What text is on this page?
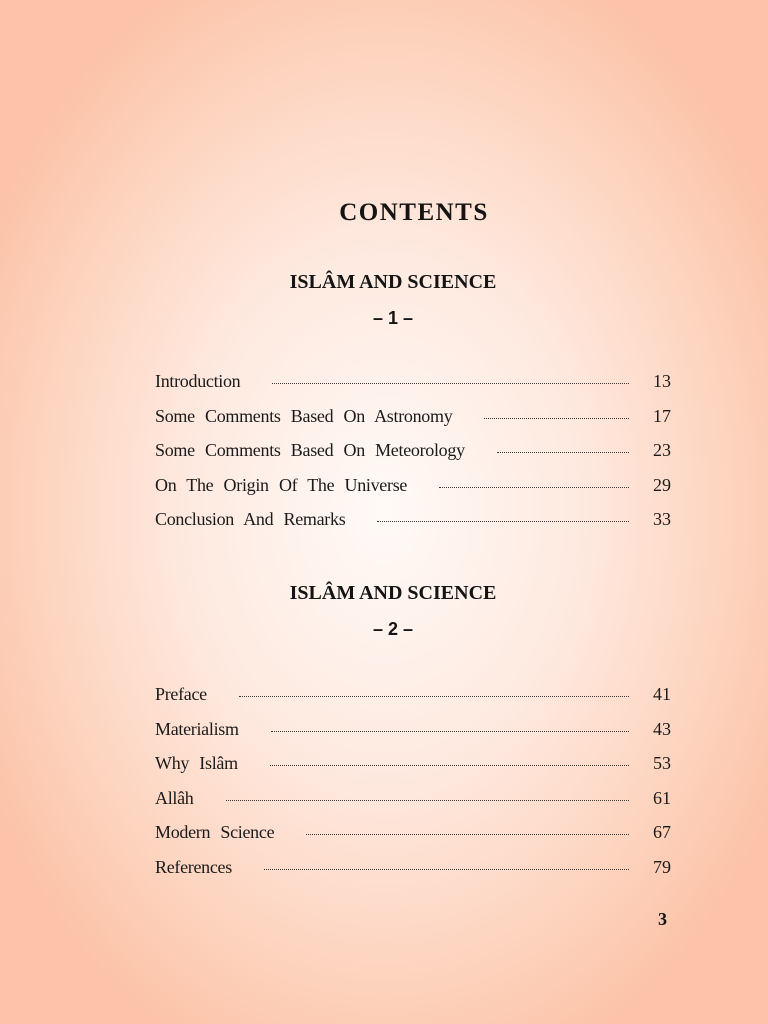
CONTENTS
ISLÂM AND SCIENCE
– 1 –
Introduction	13
Some Comments Based On Astronomy	17
Some Comments Based On Meteorology	23
On The Origin Of The Universe	29
Conclusion And Remarks	33
ISLÂM AND SCIENCE
– 2 –
Preface	41
Materialism	43
Why Islâm	53
Allâh	61
Modern Science	67
References	79
3
